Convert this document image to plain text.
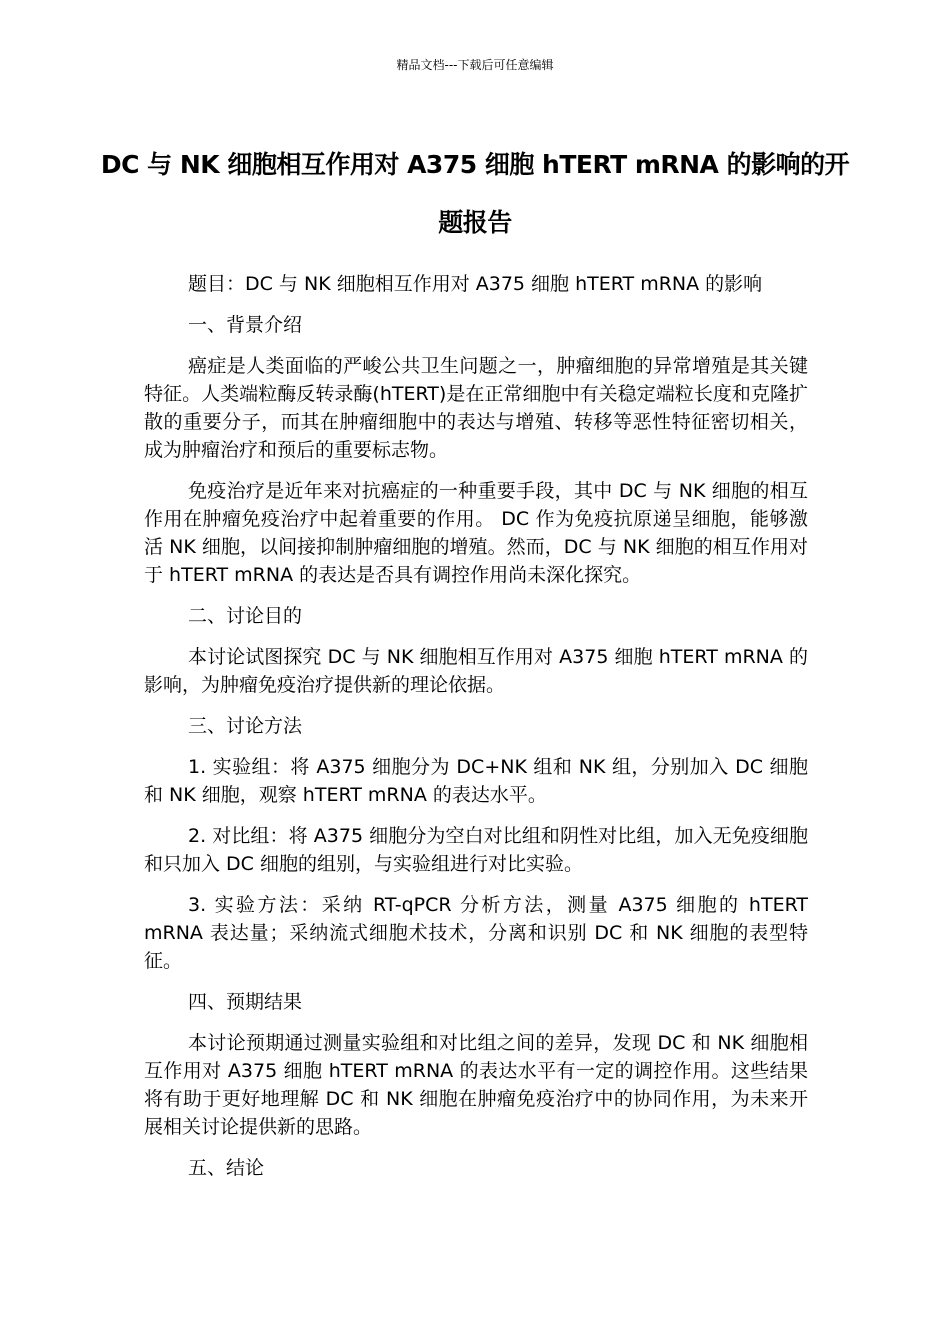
精品文档---下载后可任意编辑
DC 与 NK 细胞相互作用对 A375 细胞 hTERT mRNA 的影响的开题报告

题目：DC 与 NK 细胞相互作用对 A375 细胞 hTERT mRNA 的影响

一、背景介绍

癌症是人类面临的严峻公共卫生问题之一，肿瘤细胞的异常增殖是其关键特征。人类端粒酶反转录酶(hTERT)是在正常细胞中有关稳定端粒长度和克隆扩散的重要分子，而其在肿瘤细胞中的表达与增殖、转移等恶性特征密切相关，成为肿瘤治疗和预后的重要标志物。

免疫治疗是近年来对抗癌症的一种重要手段，其中 DC 与 NK 细胞的相互作用在肿瘤免疫治疗中起着重要的作用。 DC 作为免疫抗原递呈细胞，能够激活 NK 细胞，以间接抑制肿瘤细胞的增殖。然而，DC 与 NK 细胞的相互作用对于 hTERT mRNA 的表达是否具有调控作用尚未深化探究。

二、讨论目的

本讨论试图探究 DC 与 NK 细胞相互作用对 A375 细胞 hTERT mRNA 的影响，为肿瘤免疫治疗提供新的理论依据。

三、讨论方法

1. 实验组：将 A375 细胞分为 DC+NK 组和 NK 组，分别加入 DC 细胞和 NK 细胞，观察 hTERT mRNA 的表达水平。

2. 对比组：将 A375 细胞分为空白对比组和阴性对比组，加入无免疫细胞和只加入 DC 细胞的组别，与实验组进行对比实验。

3. 实验方法：采纳 RT-qPCR 分析方法，测量 A375 细胞的 hTERT mRNA 表达量；采纳流式细胞术技术，分离和识别 DC 和 NK 细胞的表型特征。

四、预期结果

本讨论预期通过测量实验组和对比组之间的差异，发现 DC 和 NK 细胞相互作用对 A375 细胞 hTERT mRNA 的表达水平有一定的调控作用。这些结果将有助于更好地理解 DC 和 NK 细胞在肿瘤免疫治疗中的协同作用，为未来开展相关讨论提供新的思路。

五、结论
